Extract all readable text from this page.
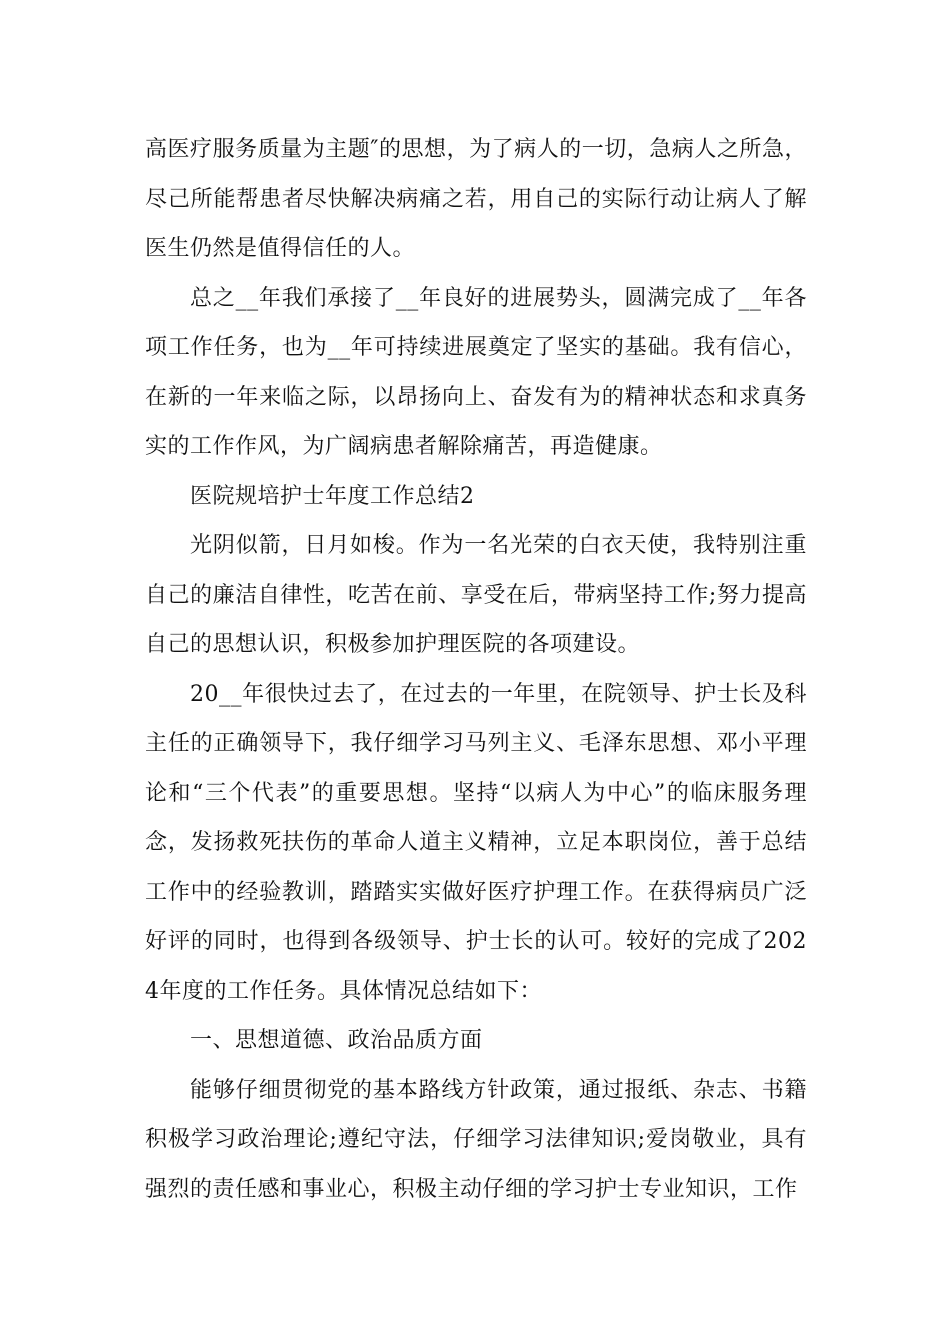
高医疗服务质量为主题″的思想，为了病人的一切，急病人之所急，尽己所能帮患者尽快解决病痛之若，用自己的实际行动让病人了解医生仍然是值得信任的人。

总之__年我们承接了__年良好的进展势头，圆满完成了__年各项工作任务，也为__年可持续进展奠定了坚实的基础。我有信心，在新的一年来临之际，以昂扬向上、奋发有为的精神状态和求真务实的工作作风，为广阔病患者解除痛苦，再造健康。

医院规培护士年度工作总结2

光阴似箭，日月如梭。作为一名光荣的白衣天使，我特别注重自己的廉洁自律性，吃苦在前、享受在后，带病坚持工作;努力提高自己的思想认识，积极参加护理医院的各项建设。

20__年很快过去了，在过去的一年里，在院领导、护士长及科主任的正确领导下，我仔细学习马列主义、毛泽东思想、邓小平理论和“三个代表”的重要思想。坚持“以病人为中心”的临床服务理念，发扬救死扶伤的革命人道主义精神，立足本职岗位，善于总结工作中的经验教训，踏踏实实做好医疗护理工作。在获得病员广泛好评的同时，也得到各级领导、护士长的认可。较好的完成了2024年度的工作任务。具体情况总结如下：

一、思想道德、政治品质方面

能够仔细贯彻党的基本路线方针政策，通过报纸、杂志、书籍积极学习政治理论;遵纪守法，仔细学习法律知识;爱岗敬业，具有强烈的责任感和事业心，积极主动仔细的学习护士专业知识，工作
